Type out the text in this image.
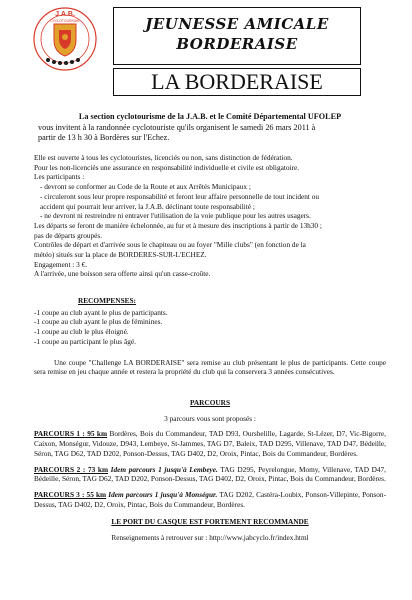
J.A.B.
CYCLOTOURISME	JEUNESSE AMICALE
BORDERAISE
LA BORDERAISE

La section cyclotourisme de la J.A.B. et le Comité Départemental UFOLEP

vous invitent à la randonnée cyclotouriste qu'ils organisent le samedi 26 mars 2011 à

partir de 13 h 30 à Bordères sur l'Echez.

Elle est ouverte à tous les cyclotouristes, licenciés ou non, sans distinction de fédération.

Pour les non-licenciés une assurance en responsabilité individuelle et civile est obligatoire.

Les participants :

- devront se conformer au Code de la Route et aux Arrêtés Municipaux ;

- circuleront sous leur propre responsabilité et feront leur affaire personnelle de tout incident ou

accident qui pourrait leur arriver, la J.A.B. déclinant toute responsabilité ;

- ne devront ni restreindre ni entraver l'utilisation de la voie publique pour les autres usagers.

Les départs se feront de manière échelonnée, au fur et à mesure des inscriptions à partir de 13h30 ;

pas de départs groupés.

Contrôles de départ et d'arrivée sous le chapiteau ou au foyer "Mille clubs" (en fonction de la

météo) situés sur la place de BORDERES-SUR-L'ECHEZ.

Engagement : 3 €.

A l'arrivée, une boisson sera offerte ainsi qu'un casse-croûte.

RECOMPENSES:

-1 coupe au club ayant le plus de participants.

-1 coupe au club ayant le plus de féminines.

-1 coupe au club le plus éloigné.

-1 coupe au participant le plus âgé.

Une coupe "Challenge LA BORDERAISE" sera remise au club présentant le plus de participants. Cette coupe sera remise en jeu chaque année et restera la propriété du club qui la conservera 3 années consécutives.

PARCOURS

3 parcours vous sont proposés :

PARCOURS 1 : 95 km Bordères, Bois du Commandeur, TAD D93, Oursbelille, Lagarde, St-Lézer, D7, Vic-Bigorre, Caixon, Monségur, Vidouze, D943, Lembeye, St-Jammes, TAG D7, Baleix, TAD D295, Villenave, TAD D47, Bédeille, Séron, TAG D62, TAD D202, Ponson-Dessus, TAG D402, D2, Oroix, Pintac, Bois du Commandeur, Bordères.

PARCOURS 2 : 73 km Idem parcours 1 jusqu'à Lembeye. TAG D295, Peyrelongue, Momy, Villenave, TAD D47, Bédeille, Séron, TAG D62, TAD D202, Ponson-Dessus, TAG D402, D2, Oroix, Pintac, Bois du Commandeur, Bordères.

PARCOURS 3 : 55 km Idem parcours 1 jusqu'à Monségur. TAG D202, Castéra-Loubix, Ponson-Villepinte, Ponson-Dessus, TAG D402, D2, Oroix, Pintac, Bois du Commandeur, Bordères.

LE PORT DU CASQUE EST FORTEMENT RECOMMANDE

Renseignements à retrouver sur : http://www.jabcyclo.fr/index.html
